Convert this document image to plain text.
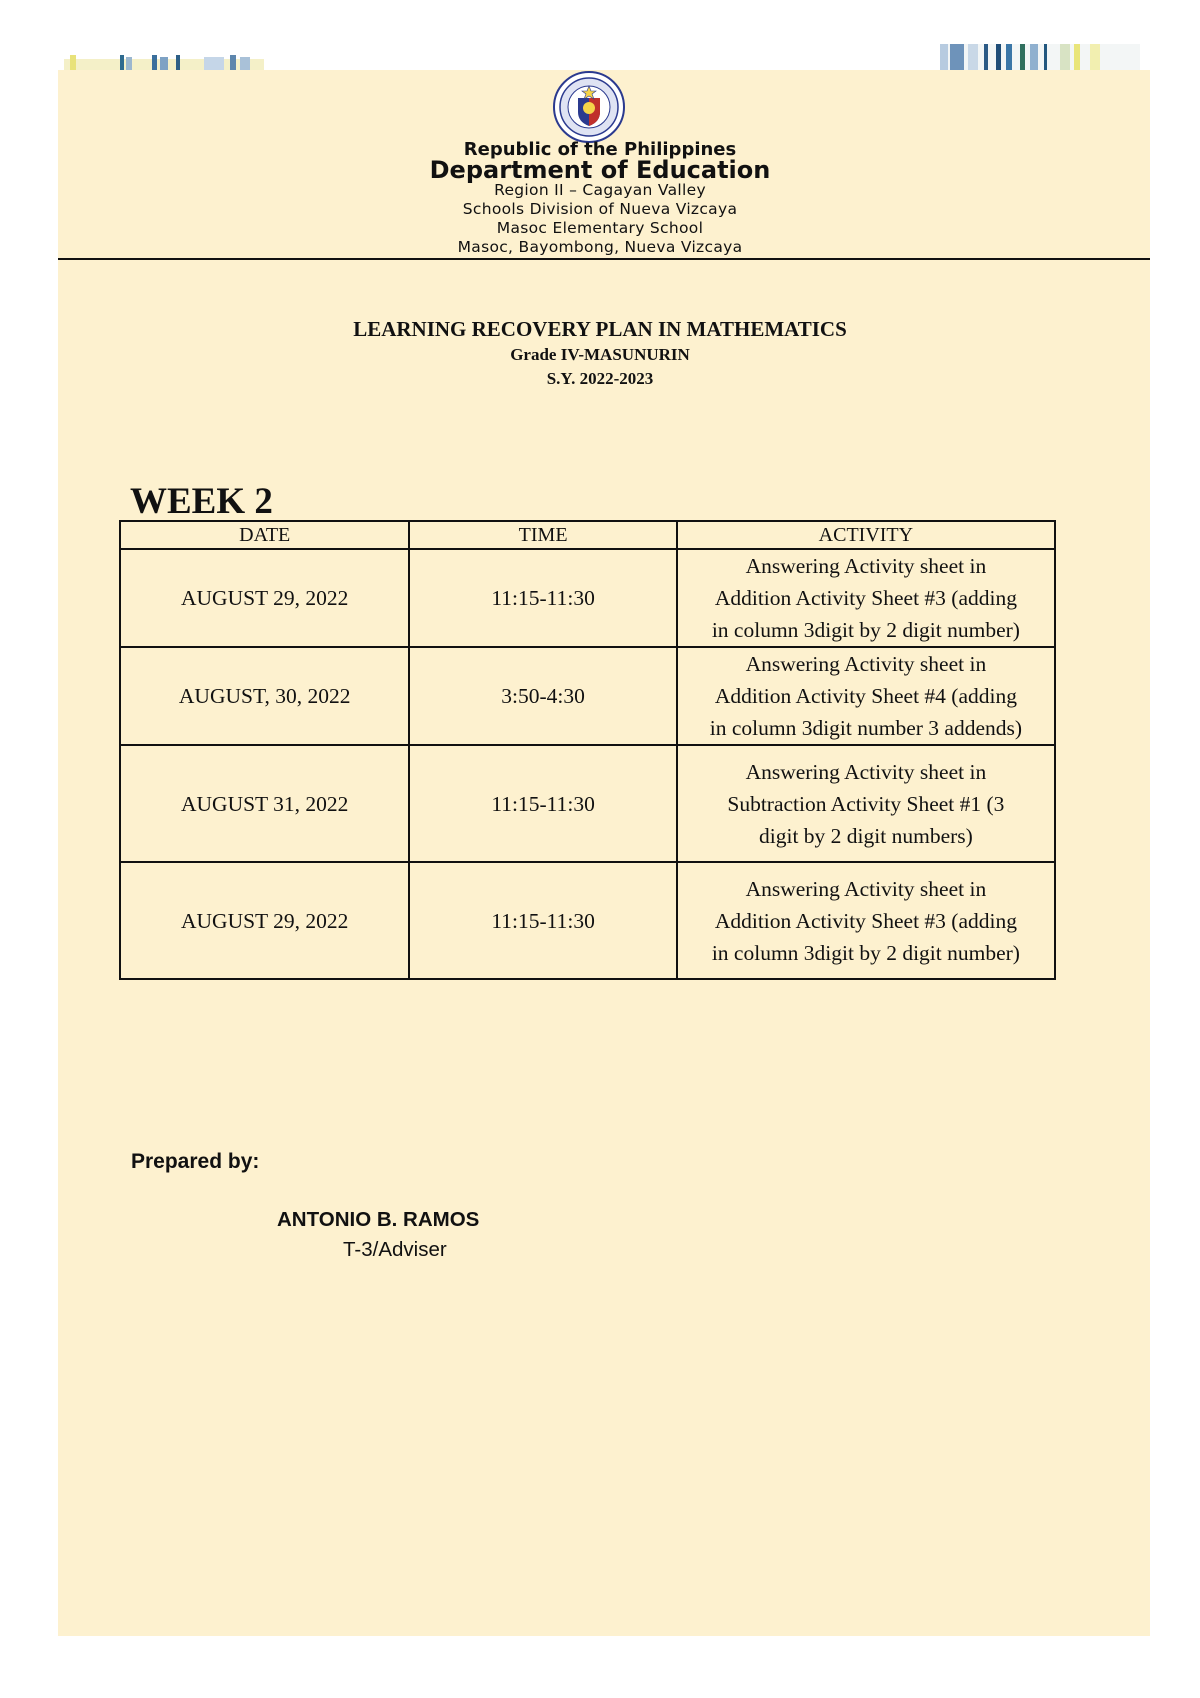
Republic of the Philippines
Department of Education
Region II – Cagayan Valley
Schools Division of Nueva Vizcaya
Masoc Elementary School
Masoc, Bayombong, Nueva Vizcaya
LEARNING RECOVERY PLAN IN MATHEMATICS
Grade IV-MASUNURIN
S.Y. 2022-2023
WEEK 2
DATE	TIME	ACTIVITY
AUGUST 29, 2022	11:15-11:30	Answering Activity sheet in
Addition Activity Sheet #3 (adding
in column 3digit by 2 digit number)

AUGUST, 30, 2022	3:50-4:30	Answering Activity sheet in
Addition Activity Sheet #4 (adding
in column 3digit number 3 addends)

AUGUST 31, 2022	11:15-11:30	Answering Activity sheet in
Subtraction Activity Sheet #1 (3
digit by 2 digit numbers)

AUGUST 29, 2022	11:15-11:30	Answering Activity sheet in
Addition Activity Sheet #3 (adding
in column 3digit by 2 digit number)
Prepared by:
ANTONIO B. RAMOS
T-3/Adviser
